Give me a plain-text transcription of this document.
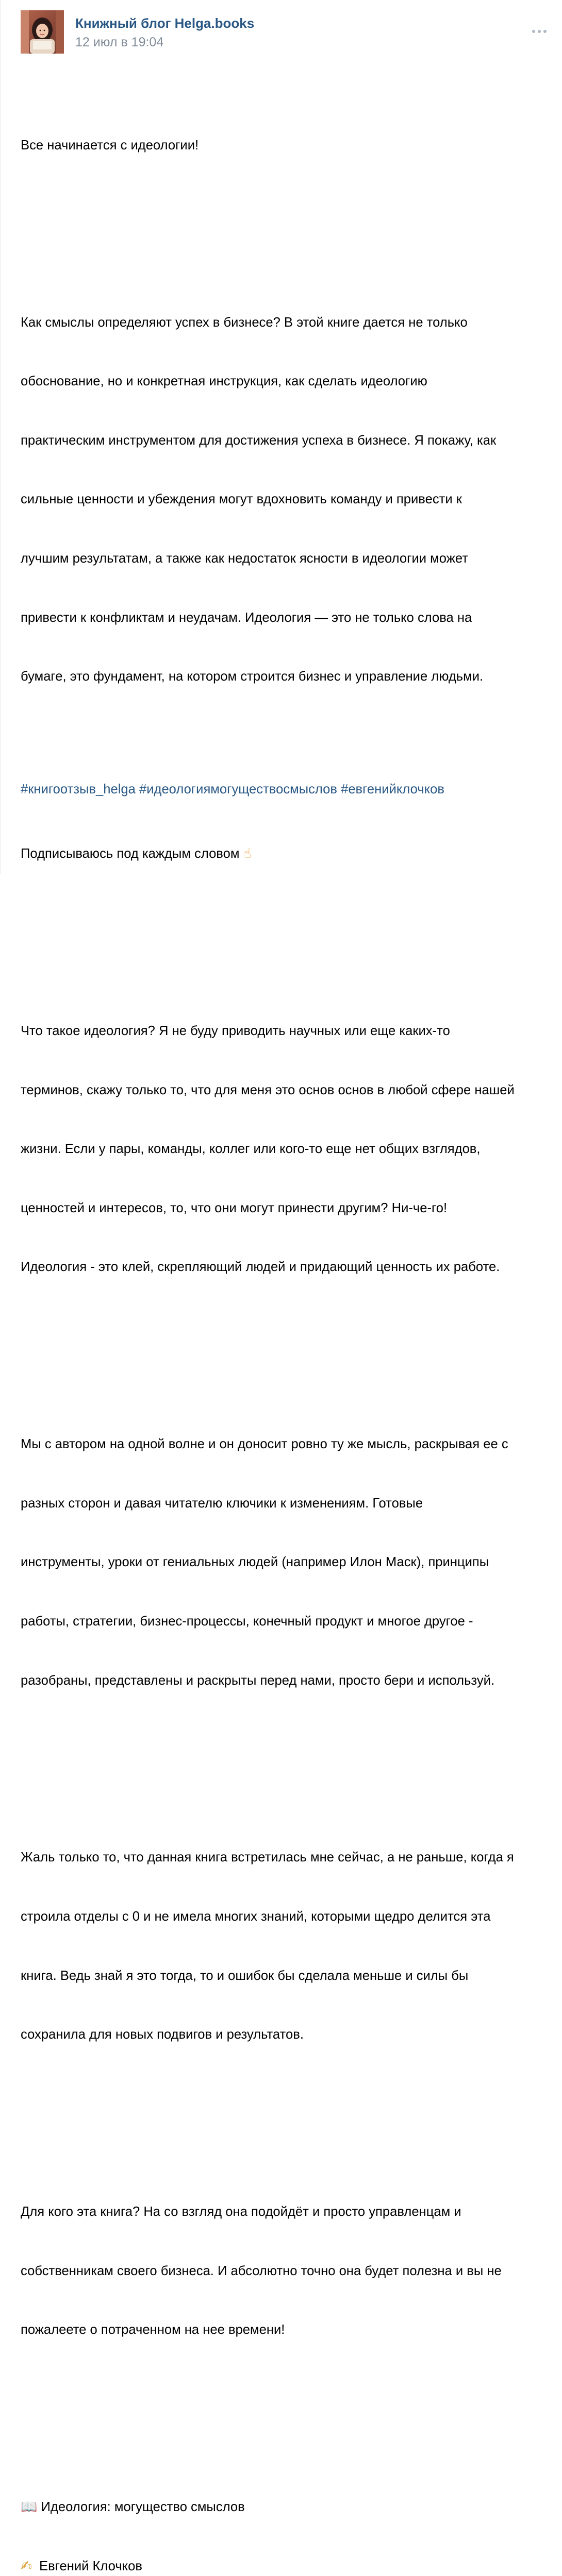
Книжный блог Helga.books
12 июл в 19:04

Все начинается с идеологии!

Как смыслы определяют успех в бизнесе? В этой книге дается не только

обоснование, но и конкретная инструкция, как сделать идеологию

практическим инструментом для достижения успеха в бизнесе. Я покажу, как

сильные ценности и убеждения могут вдохновить команду и привести к

лучшим результатам, а также как недостаток ясности в идеологии может

привести к конфликтам и неудачам. Идеология — это не только слова на

бумаге, это фундамент, на котором строится бизнес и управление людьми.

Подписываюсь под каждым словом ☝

Что такое идеология? Я не буду приводить научных или еще каких-то

терминов, скажу только то, что для меня это основ основ в любой сфере нашей

жизни. Если у пары, команды, коллег или кого-то еще нет общих взглядов,

ценностей и интересов, то, что они могут принести другим? Ни-че-го!

Идеология - это клей, скрепляющий людей и придающий ценность их работе.

Мы с автором на одной волне и он доносит ровно ту же мысль, раскрывая ее с

разных сторон и давая читателю ключики к изменениям. Готовые

инструменты, уроки от гениальных людей (например Илон Маск), принципы

работы, стратегии, бизнес-процессы, конечный продукт и многое другое -

разобраны, представлены и раскрыты перед нами, просто бери и используй.

Жаль только то, что данная книга встретилась мне сейчас, а не раньше, когда я

строила отделы с 0 и не имела многих знаний, которыми щедро делится эта

книга. Ведь знай я это тогда, то и ошибок бы сделала меньше и силы бы

сохранила для новых подвигов и результатов.

Для кого эта книга? На со взгляд она подойдёт и просто управленцам и

собственникам своего бизнеса. И абсолютно точно она будет полезна и вы не

пожалеете о потраченном на нее времени!

📖 Идеология: могущество смыслов

✍ Евгений Клочков

#книгоотзыв_helga #идеологиямогуществосмыслов #евгенийклочков
